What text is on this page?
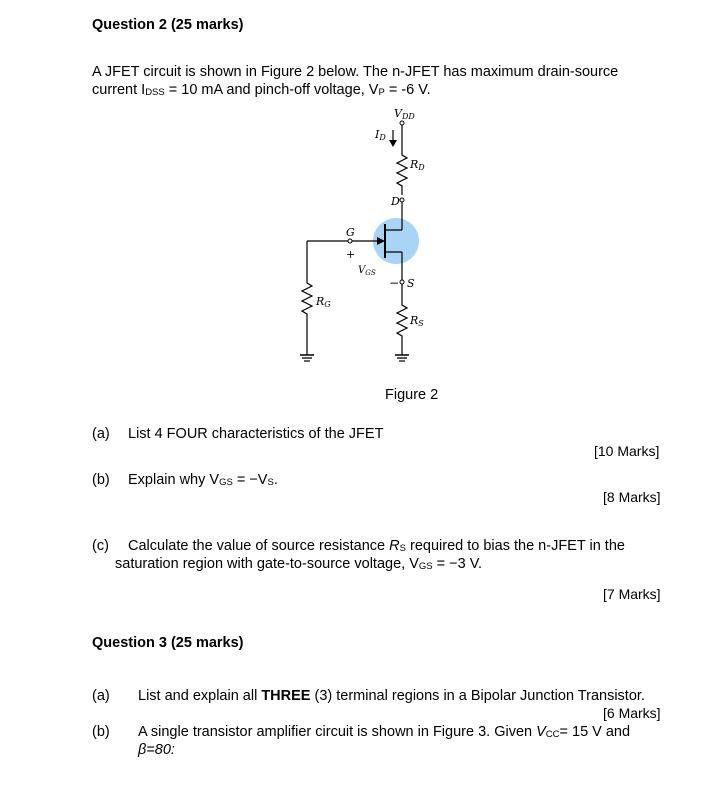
Question 2 (25 marks)
A JFET circuit is shown in Figure 2 below. The n-JFET has maximum drain-source
current IDSS = 10 mA and pinch-off voltage, VP = -6 V.
VDD
ID
RD
D
G
+
− S
$V_{GS}$
RS
RG
Figure 2
(a) List 4 FOUR characteristics of the JFET
[10 Marks]
(b) Explain why VGS = −VS.
[8 Marks]
(c) Calculate the value of source resistance RS required to bias the n-JFET in the
saturation region with gate-to-source voltage, VGS = −3 V.
[7 Marks]
Question 3 (25 marks)
(a) List and explain all THREE (3) terminal regions in a Bipolar Junction Transistor.
[6 Marks]
(b) A single transistor amplifier circuit is shown in Figure 3. Given VCC= 15 V and
β=80:
